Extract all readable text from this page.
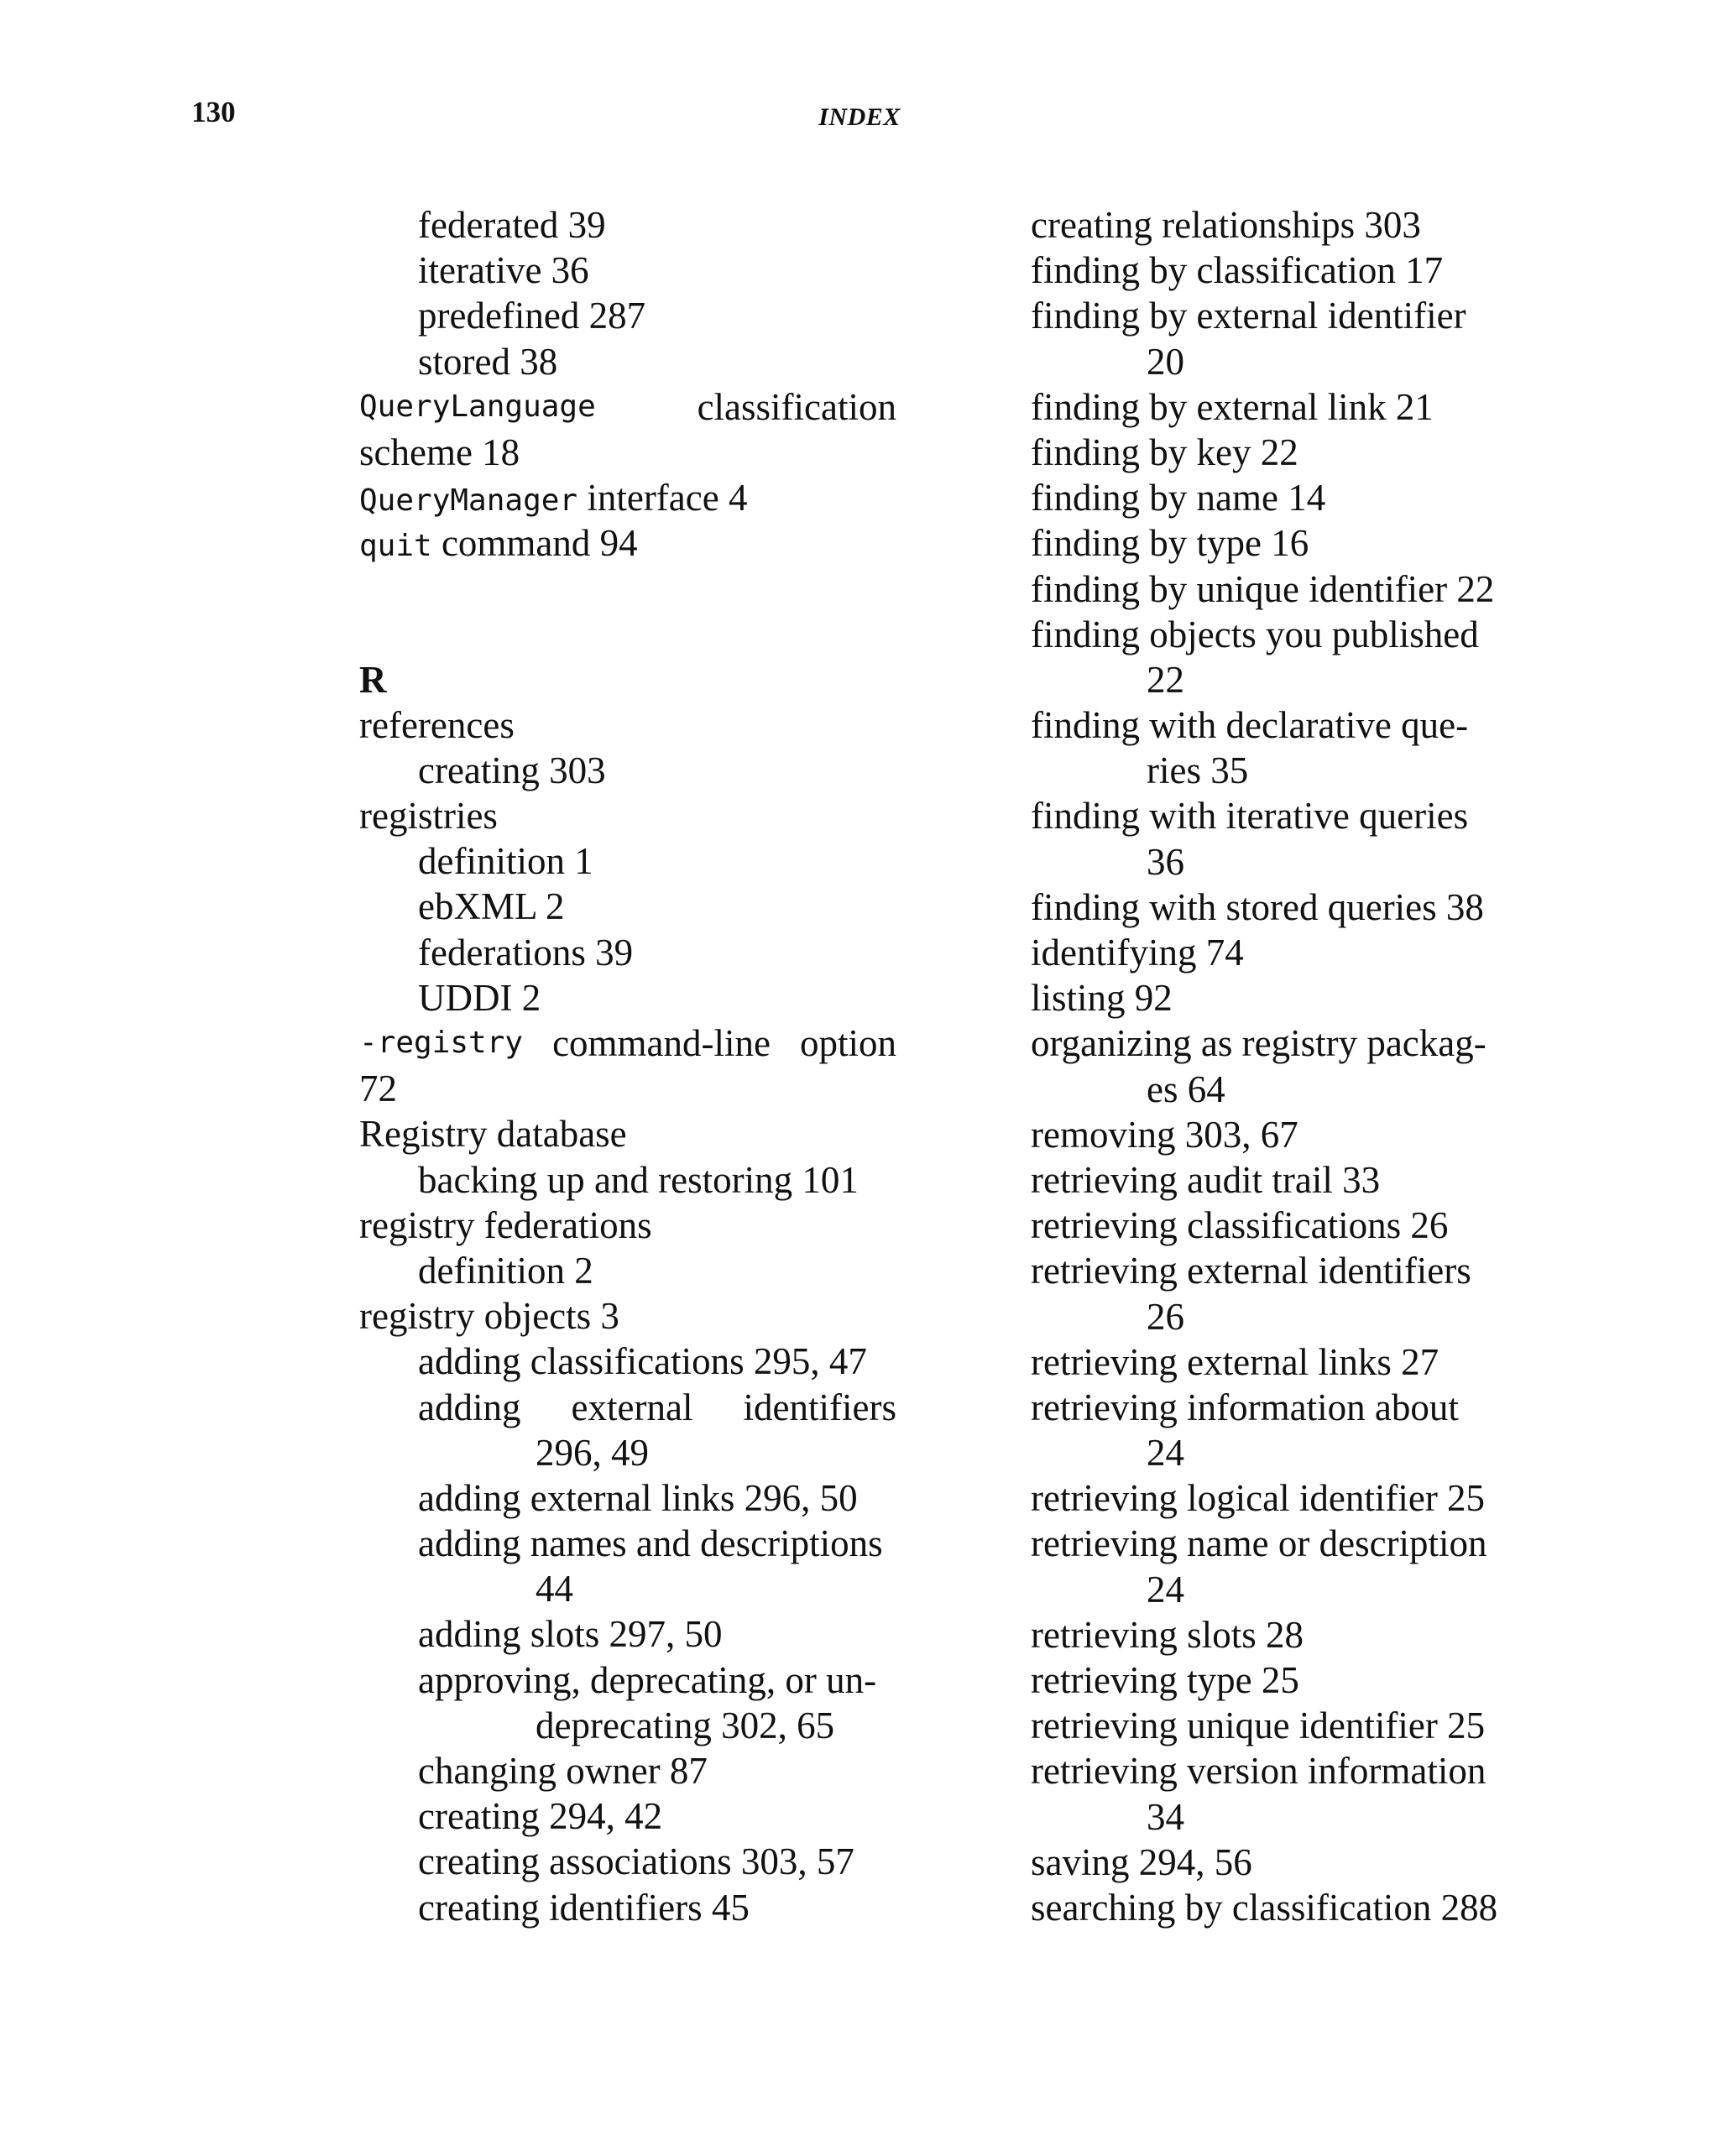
130	INDEX
federated 39
iterative 36
predefined 287
stored 38
QueryLanguage	classification
scheme 18
QueryManager interface 4
quit command 94
R
references
creating 303
registries
definition 1
ebXML 2
federations 39
UDDI 2
-registry command-line option
72
Registry database
backing up and restoring 101
registry federations
definition 2
registry objects 3
adding classifications 295, 47
adding external identifiers
296, 49
adding external links 296, 50
adding names and descriptions
44
adding slots 297, 50
approving, deprecating, or un-
deprecating 302, 65
changing owner 87
creating 294, 42
creating associations 303, 57
creating identifiers 45
creating relationships 303
finding by classification 17
finding by external identifier
20
finding by external link 21
finding by key 22
finding by name 14
finding by type 16
finding by unique identifier 22
finding objects you published
22
finding with declarative que-
ries 35
finding with iterative queries
36
finding with stored queries 38
identifying 74
listing 92
organizing as registry packag-
es 64
removing 303, 67
retrieving audit trail 33
retrieving classifications 26
retrieving external identifiers
26
retrieving external links 27
retrieving information about
24
retrieving logical identifier 25
retrieving name or description
24
retrieving slots 28
retrieving type 25
retrieving unique identifier 25
retrieving version information
34
saving 294, 56
searching by classification 288
